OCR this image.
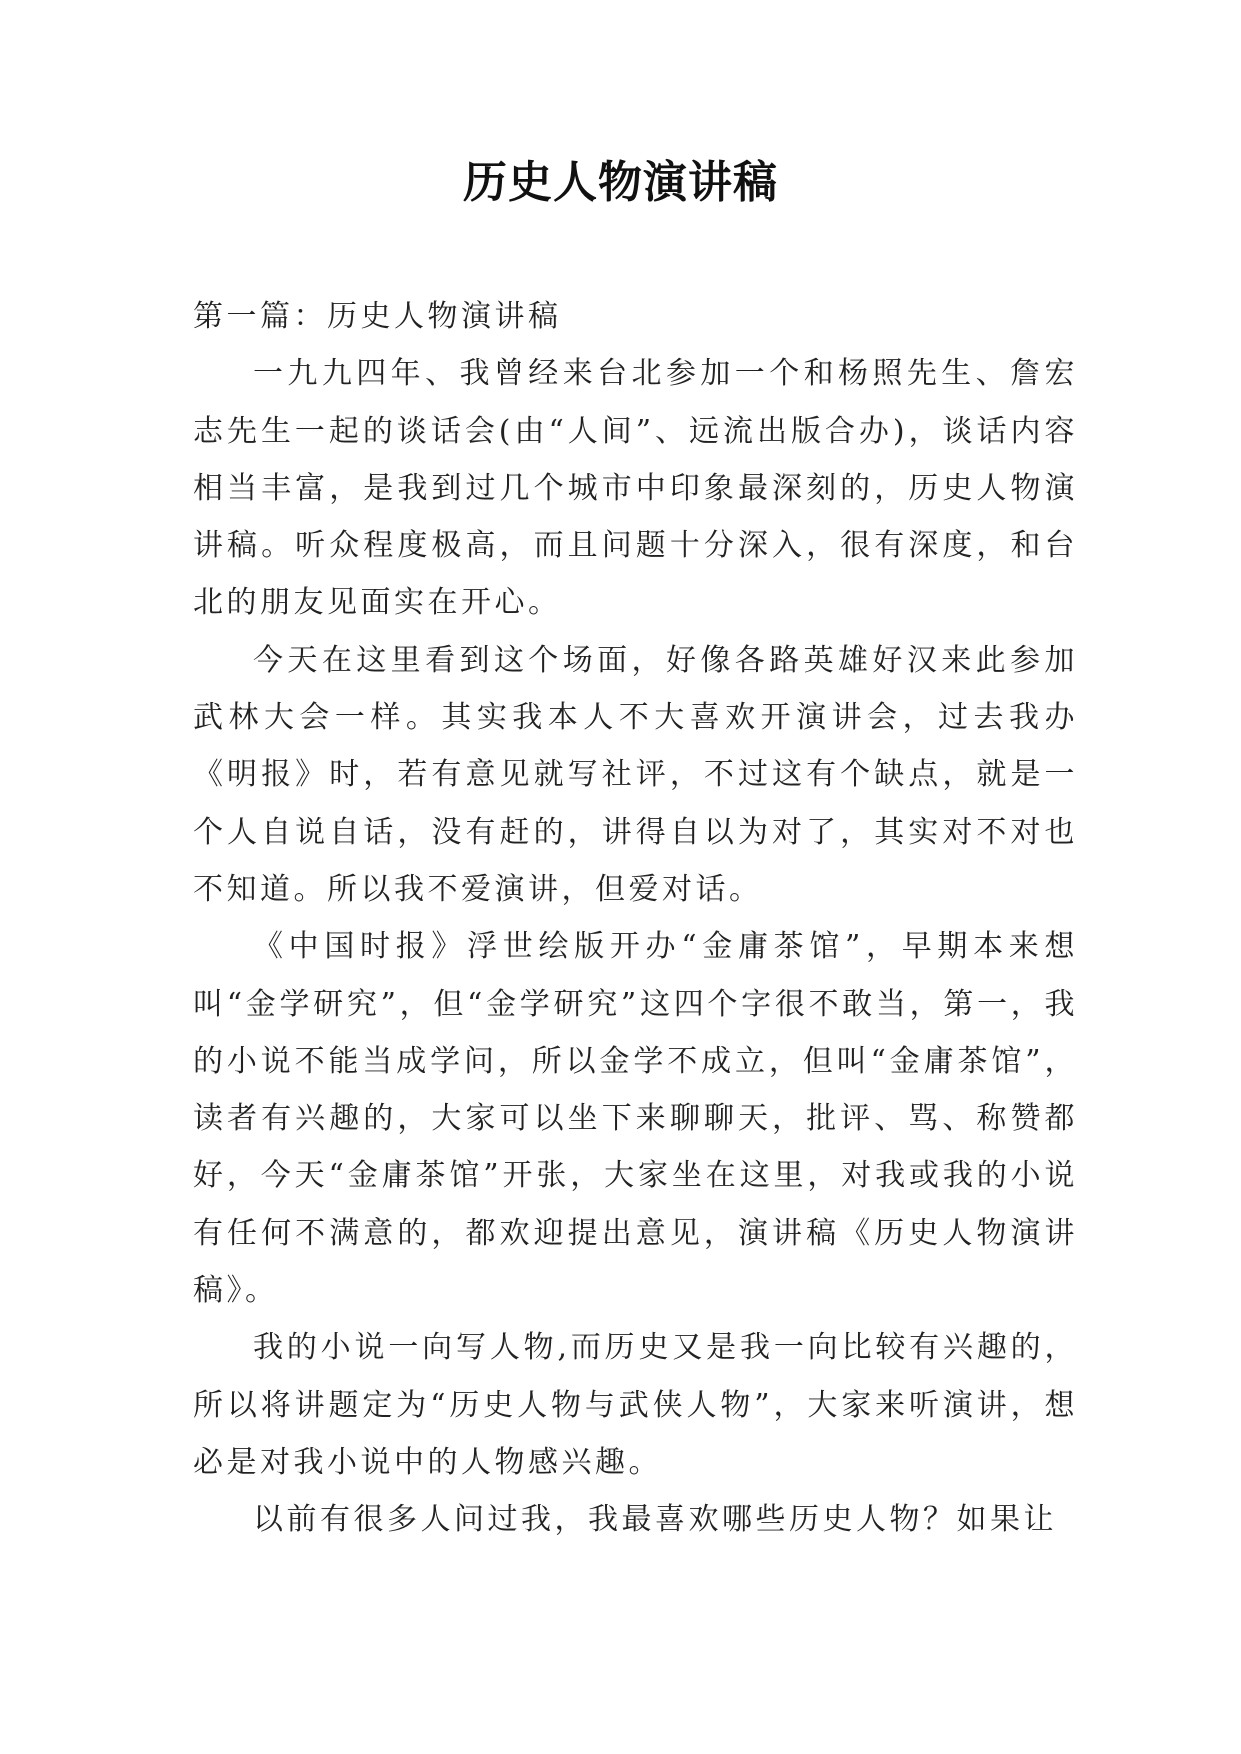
历史人物演讲稿

第一篇：历史人物演讲稿

一九九四年、我曾经来台北参加一个和杨照先生、詹宏志先生一起的谈话会(由“人间”、远流出版合办)，谈话内容相当丰富，是我到过几个城市中印象最深刻的，历史人物演讲稿。听众程度极高，而且问题十分深入，很有深度，和台北的朋友见面实在开心。

今天在这里看到这个场面，好像各路英雄好汉来此参加武林大会一样。其实我本人不大喜欢开演讲会，过去我办《明报》时，若有意见就写社评，不过这有个缺点，就是一个人自说自话，没有赶的，讲得自以为对了，其实对不对也不知道。所以我不爱演讲，但爱对话。

《中国时报》浮世绘版开办“金庸茶馆”，早期本来想叫“金学研究”，但“金学研究”这四个字很不敢当，第一，我的小说不能当成学问，所以金学不成立，但叫“金庸茶馆”，读者有兴趣的，大家可以坐下来聊聊天，批评、骂、称赞都好，今天“金庸茶馆”开张，大家坐在这里，对我或我的小说有任何不满意的，都欢迎提出意见，演讲稿《历史人物演讲稿》。

我的小说一向写人物,而历史又是我一向比较有兴趣的，所以将讲题定为“历史人物与武侠人物”，大家来听演讲，想必是对我小说中的人物感兴趣。

以前有很多人问过我，我最喜欢哪些历史人物？如果让
